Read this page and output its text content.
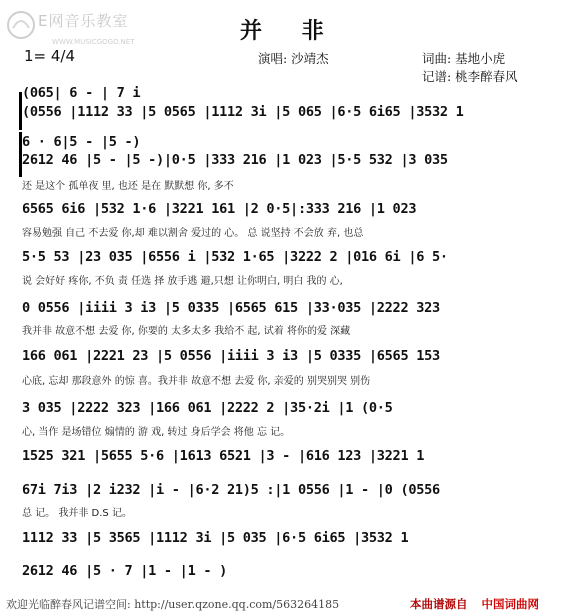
E网音乐教室
WWW.MUSICGOGO.NET	并 非
1= 4/4	演唱: 沙靖杰	词曲: 基地小虎
记谱: 桃李醉春风
(065| 6 - | 7 i
(0556 |1112 33 |5 0565 |1112 3i |5 065 |6·5 6i65 |3532 1
6 · 6|5 - |5 -)
2612 46 |5 - |5 -)|0·5 |333 216 |1 023 |5·5 532 |3 035
还 是这个 孤单夜 里, 也还 是在 默默想 你, 多不
6565 6i6 |532 1·6 |3221 161 |2 0·5|:333 216 |1 023
容易勉强 自己 不去爱 你,却 难以割舍 爱过的 心。 总 说坚持 不会放 弃, 也总
5·5 53 |23 035 |6556 i |532 1·65 |3222 2 |016 6i |6 5·
说 会好好 疼你, 不负 责 任选 择 放手逃 避,只想 让你明白, 明白 我的 心,
0 0556 |iiii 3 i3 |5 0335 |6565 615 |33·035 |2222 323
我并非 故意不想 去爱 你, 你要的 太多太多 我给不 起, 试着 将你的爱 深藏
166 061 |2221 23 |5 0556 |iiii 3 i3 |5 0335 |6565 153
心底, 忘却 那段意外 的惊 喜。我并非 故意不想 去爱 你, 亲爱的 别哭别哭 别伤
3 035 |2222 323 |166 061 |2222 2 |35·2i |1 (0·5
心, 当作 是场错位 煽情的 游 戏, 转过 身后学会 将他 忘 记。
1525 321 |5655 5·6 |1613 6521 |3 - |616 123 |3221 1
67i 7i3 |2 i232 |i - |6·2 21)5 :|1 0556 |1 - |0 (0556
总 记。 我并非 D.S 记。
1112 33 |5 3565 |1112 3i |5 035 |6·5 6i65 |3532 1
2612 46 |5 · 7 |1 - |1 - )
欢迎光临醉春风记谱空间: http://user.qzone.qq.com/563264185	本曲谱源自 中国词曲网
